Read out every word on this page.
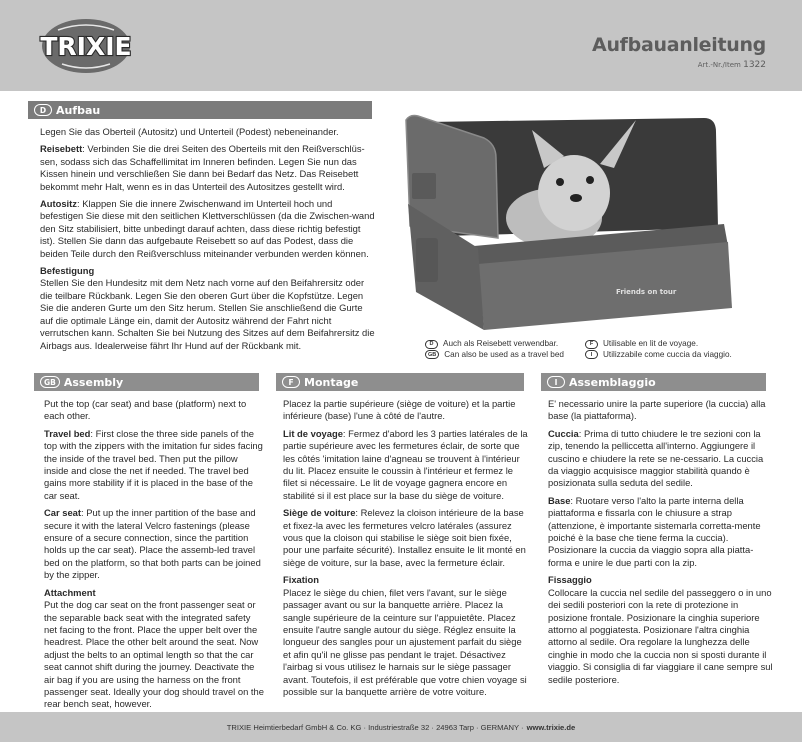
TRIXIE	Aufbauanleitung
Art.-Nr./Item 1322
D Aufbau

Legen Sie das Oberteil (Autositz) und Unterteil (Podest) nebeneinander.

Reisebett: Verbinden Sie die drei Seiten des Oberteils mit den Reißverschlüs-sen, sodass sich das Schaffellimitat im Inneren befinden. Legen Sie nun das Kissen hinein und verschließen Sie dann bei Bedarf das Netz. Das Reisebett bekommt mehr Halt, wenn es in das Unterteil des Autositzes gestellt wird.

Autositz: Klappen Sie die innere Zwischenwand im Unterteil hoch und befestigen Sie diese mit den seitlichen Klettverschlüssen (da die Zwischen-wand den Sitz stabilisiert, bitte unbedingt darauf achten, dass diese richtig befestigt ist). Stellen Sie dann das aufgebaute Reisebett so auf das Podest, dass die beiden Teile durch den Reißverschluss miteinander verbunden werden können.

Befestigung
Stellen Sie den Hundesitz mit dem Netz nach vorne auf den Beifahrersitz oder die teilbare Rückbank. Legen Sie den oberen Gurt über die Kopfstütze. Legen Sie die anderen Gurte um den Sitz herum. Stellen Sie anschließend die Gurte auf die optimale Länge ein, damit der Autositz während der Fahrt nicht verrutschen kann. Schalten Sie bei Nutzung des Sitzes auf dem Beifahrersitz die Airbags aus. Idealerweise fährt Ihr Hund auf der Rückbank mit.

Friends on tour
D	Auch als Reisebett verwendbar.	F	Utilisable en lit de voyage.
GB Can also be used as a travel bed	I	Utilizzabile come cuccia da viaggio.
GB Assembly

Put the top (car seat) and base (platform) next to each other.

Travel bed: First close the three side panels of the top with the zippers with the imitation fur sides facing the inside of the travel bed. Then put the pillow inside and close the net if needed. The travel bed gains more stability if it is placed in the base of the car seat.

Car seat: Put up the inner partition of the base and secure it with the lateral Velcro fastenings (please ensure of a secure connection, since the partition holds up the car seat). Place the assemb-led travel bed on the platform, so that both parts can be joined by the zipper.

Attachment
Put the dog car seat on the front passenger seat or the separable back seat with the integrated safety net facing to the front. Place the upper belt over the headrest. Place the other belt around the seat. Now adjust the belts to an optimal length so that the car seat cannot shift during the journey. Deactivate the air bag if you are using the harness on the front passenger seat. Ideally your dog should travel on the rear bench seat, however.

F Montage

Placez la partie supérieure (siège de voiture) et la partie inférieure (base) l'une à côté de l'autre.

Lit de voyage: Fermez d'abord les 3 parties latérales de la partie supérieure avec les fermetures éclair, de sorte que les côtés 'imitation laine d'agneau se trouvent à l'intérieur du lit. Placez ensuite le coussin à l'intérieur et fermez le filet si nécessaire. Le lit de voyage gagnera encore en stabilité si il est place sur la base du siège de voiture.

Siège de voiture: Relevez la cloison intérieure de la base et fixez-la avec les fermetures velcro latérales (assurez vous que la cloison qui stabilise le siège soit bien fixée, pour une parfaite sécurité). Installez ensuite le lit monté en siège de voiture, sur la base, avec la fermeture éclair.

Fixation
Placez le siège du chien, filet vers l'avant, sur le siège passager avant ou sur la banquette arrière. Placez la sangle supérieure de la ceinture sur l'appuietête. Placez ensuite l'autre sangle autour du siège. Réglez ensuite la longueur des sangles pour un ajustement parfait du siège et afin qu'il ne glisse pas pendant le trajet. Désactivez l'airbag si vous utilisez le harnais sur le siège passager avant. Toutefois, il est préférable que votre chien voyage si possible sur la banquette arrière de votre voiture.

I	Assemblaggio

E' necessario unire la parte superiore (la cuccia) alla base (la piattaforma).

Cuccia: Prima di tutto chiudere le tre sezioni con la zip, tenendo la pelliccetta all'interno. Aggiungere il cuscino e chiudere la rete se ne-cessario. La cuccia da viaggio acquisisce maggior stabilità quando è posizionata sulla seduta del sedile.

Base: Ruotare verso l'alto la parte interna della piattaforma e fissarla con le chiusure a strap (attenzione, è importante sistemarla corretta-mente poiché è la base che tiene ferma la cuccia). Posizionare la cuccia da viaggio sopra alla piatta-forma e unire le due parti con la zip.

Fissaggio
Collocare la cuccia nel sedile del passeggero o in uno dei sedili posteriori con la rete di protezione in posizione frontale. Posizionare la cinghia superiore attorno al poggiatesta. Posizionare l'altra cinghia attorno al sedile. Ora regolare la lunghezza delle cinghie in modo che la cuccia non si sposti durante il viaggio. Si consiglia di far viaggiare il cane sempre sul sedile posteriore.

TRIXIE Heimtierbedarf GmbH & Co. KG · Industriestraße 32 · 24963 Tarp · GERMANY · www.trixie.de
